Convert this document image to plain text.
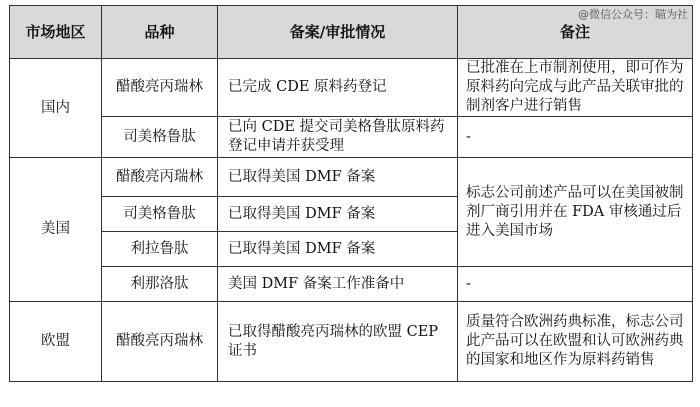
@微信公众号：瞄为社
市场地区	品种	备案/审批情况	备注
国内	醋酸亮丙瑞林	已完成 CDE 原料药登记	已批准在上市制剂使用，即可作为原料药向完成与此产品关联审批的制剂客户进行销售
	司美格鲁肽	已向 CDE 提交司美格鲁肽原料药登记申请并获受理	-
美国	醋酸亮丙瑞林	已取得美国 DMF 备案	标志公司前述产品可以在美国被制剂厂商引用并在 FDA 审核通过后进入美国市场
	司美格鲁肽	已取得美国 DMF 备案	
	利拉鲁肽	已取得美国 DMF 备案	
	利那洛肽	美国 DMF 备案工作准备中	-
欧盟	醋酸亮丙瑞林	已取得醋酸亮丙瑞林的欧盟 CEP 证书	质量符合欧洲药典标准，标志公司此产品可以在欧盟和认可欧洲药典的国家和地区作为原料药销售
